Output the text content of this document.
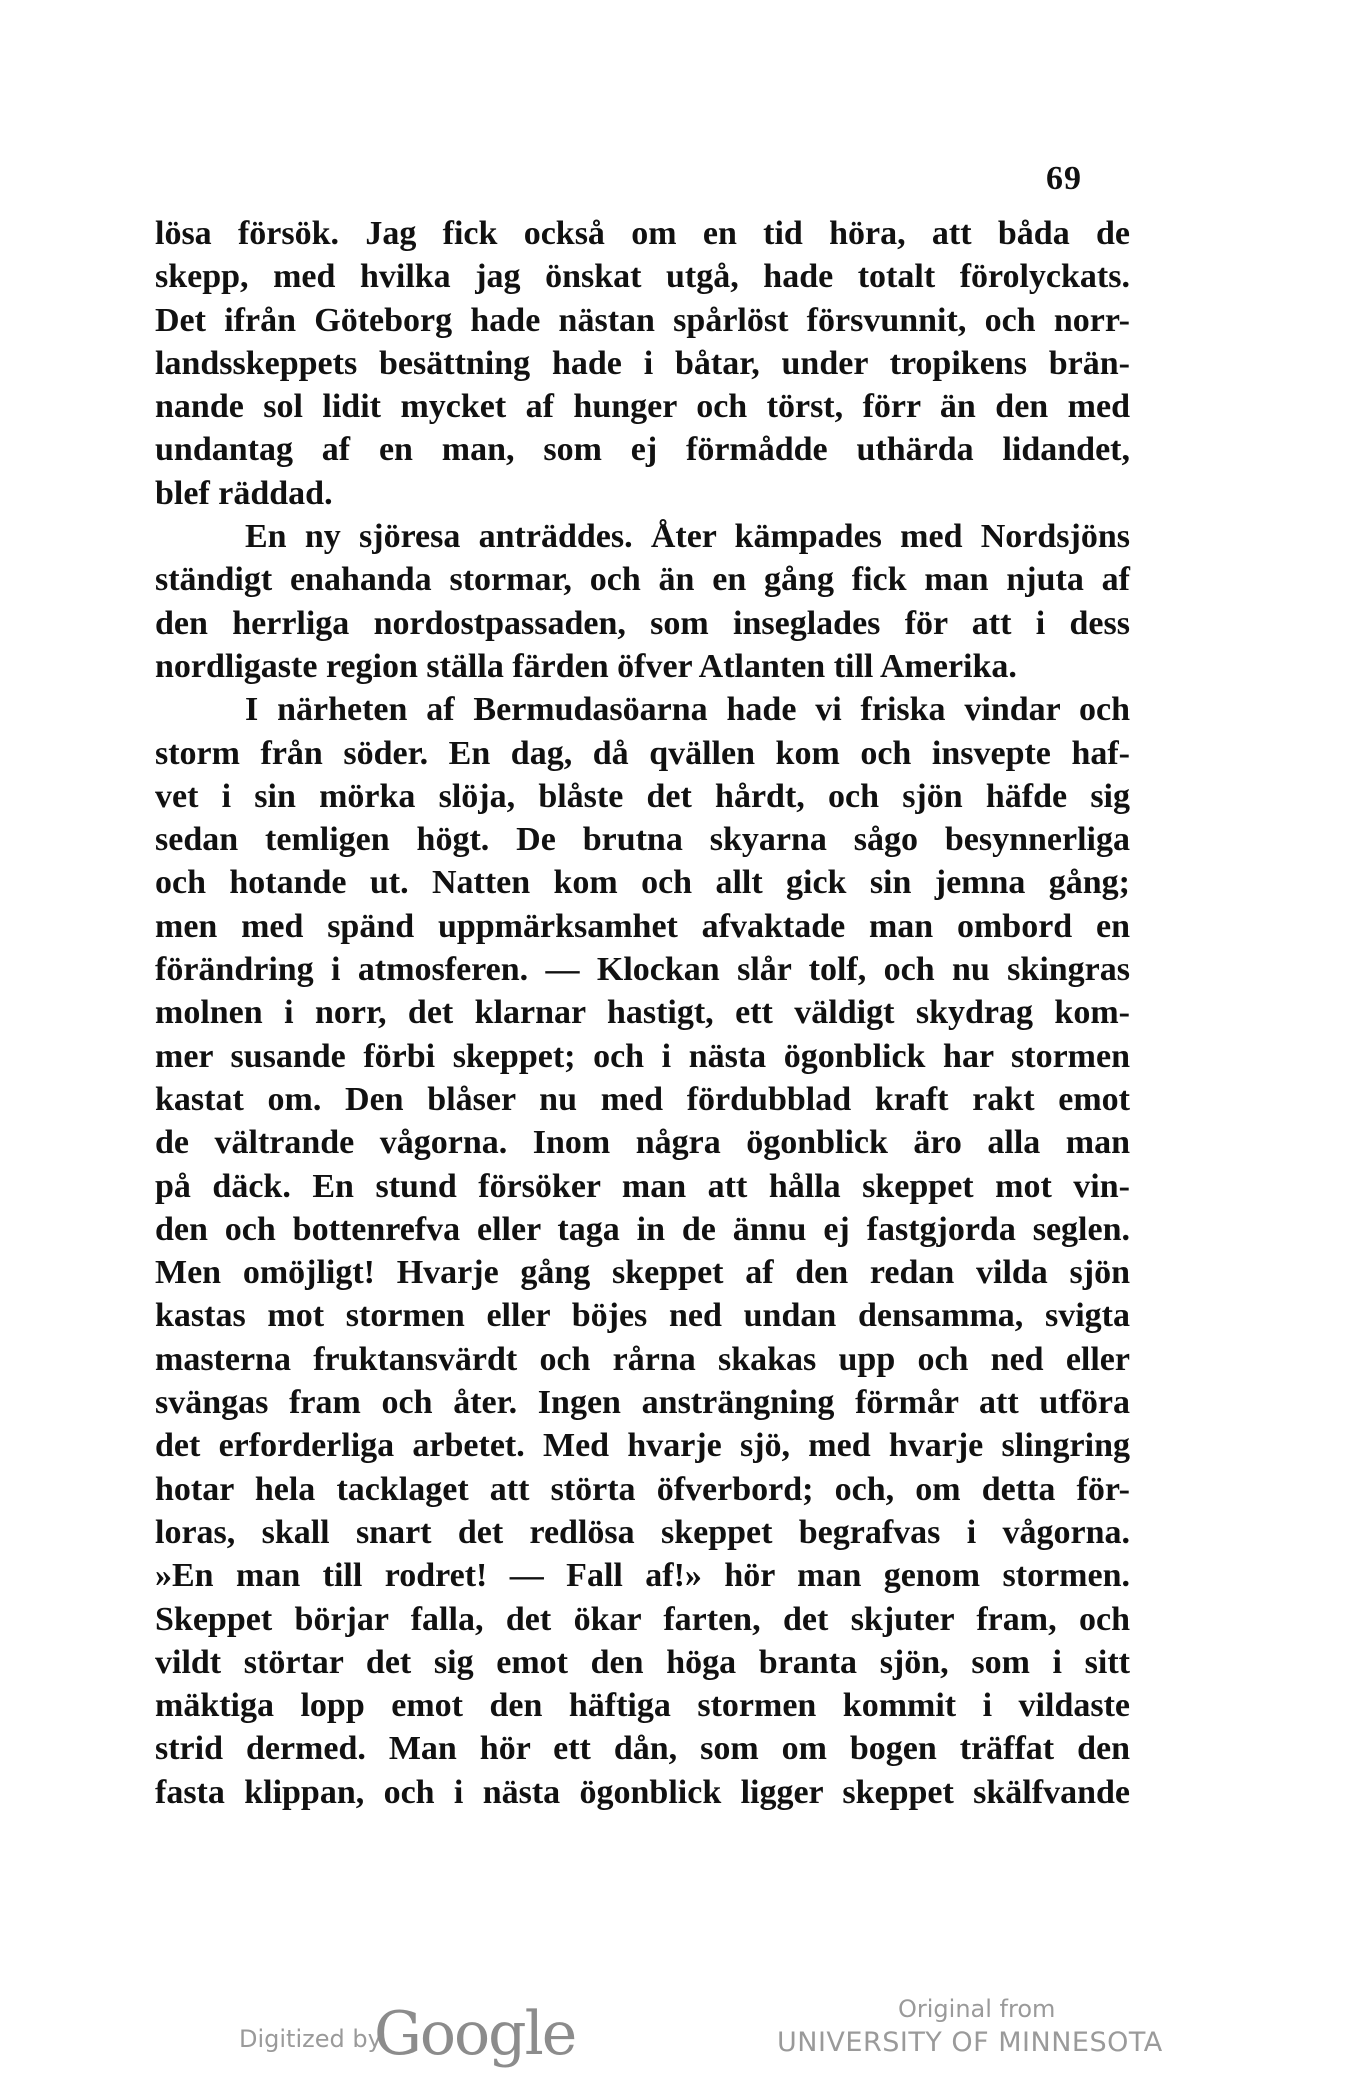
69
lösa försök. Jag fick också om en tid höra, att båda de
skepp, med hvilka jag önskat utgå, hade totalt förolyckats.
Det ifrån Göteborg hade nästan spårlöst försvunnit, och norr-
landsskeppets besättning hade i båtar, under tropikens brän-
nande sol lidit mycket af hunger och törst, förr än den med
undantag af en man, som ej förmådde uthärda lidandet,
blef räddad.
En ny sjöresa anträddes. Åter kämpades med Nordsjöns
ständigt enahanda stormar, och än en gång fick man njuta af
den herrliga nordostpassaden, som inseglades för att i dess
nordligaste region ställa färden öfver Atlanten till Amerika.
I närheten af Bermudasöarna hade vi friska vindar och
storm från söder. En dag, då qvällen kom och insvepte haf-
vet i sin mörka slöja, blåste det hårdt, och sjön häfde sig
sedan temligen högt. De brutna skyarna sågo besynnerliga
och hotande ut. Natten kom och allt gick sin jemna gång;
men med spänd uppmärksamhet afvaktade man ombord en
förändring i atmosferen. — Klockan slår tolf, och nu skingras
molnen i norr, det klarnar hastigt, ett väldigt skydrag kom-
mer susande förbi skeppet; och i nästa ögonblick har stormen
kastat om. Den blåser nu med fördubblad kraft rakt emot
de vältrande vågorna. Inom några ögonblick äro alla man
på däck. En stund försöker man att hålla skeppet mot vin-
den och bottenrefva eller taga in de ännu ej fastgjorda seglen.
Men omöjligt! Hvarje gång skeppet af den redan vilda sjön
kastas mot stormen eller böjes ned undan densamma, svigta
masterna fruktansvärdt och rårna skakas upp och ned eller
svängas fram och åter. Ingen ansträngning förmår att utföra
det erforderliga arbetet. Med hvarje sjö, med hvarje slingring
hotar hela tacklaget att störta öfverbord; och, om detta för-
loras, skall snart det redlösa skeppet begrafvas i vågorna.
»En man till rodret! — Fall af!» hör man genom stormen.
Skeppet börjar falla, det ökar farten, det skjuter fram, och
vildt störtar det sig emot den höga branta sjön, som i sitt
mäktiga lopp emot den häftiga stormen kommit i vildaste
strid dermed. Man hör ett dån, som om bogen träffat den
fasta klippan, och i nästa ögonblick ligger skeppet skälfvande
Digitized by
Google	Original from
UNIVERSITY OF MINNESOTA
